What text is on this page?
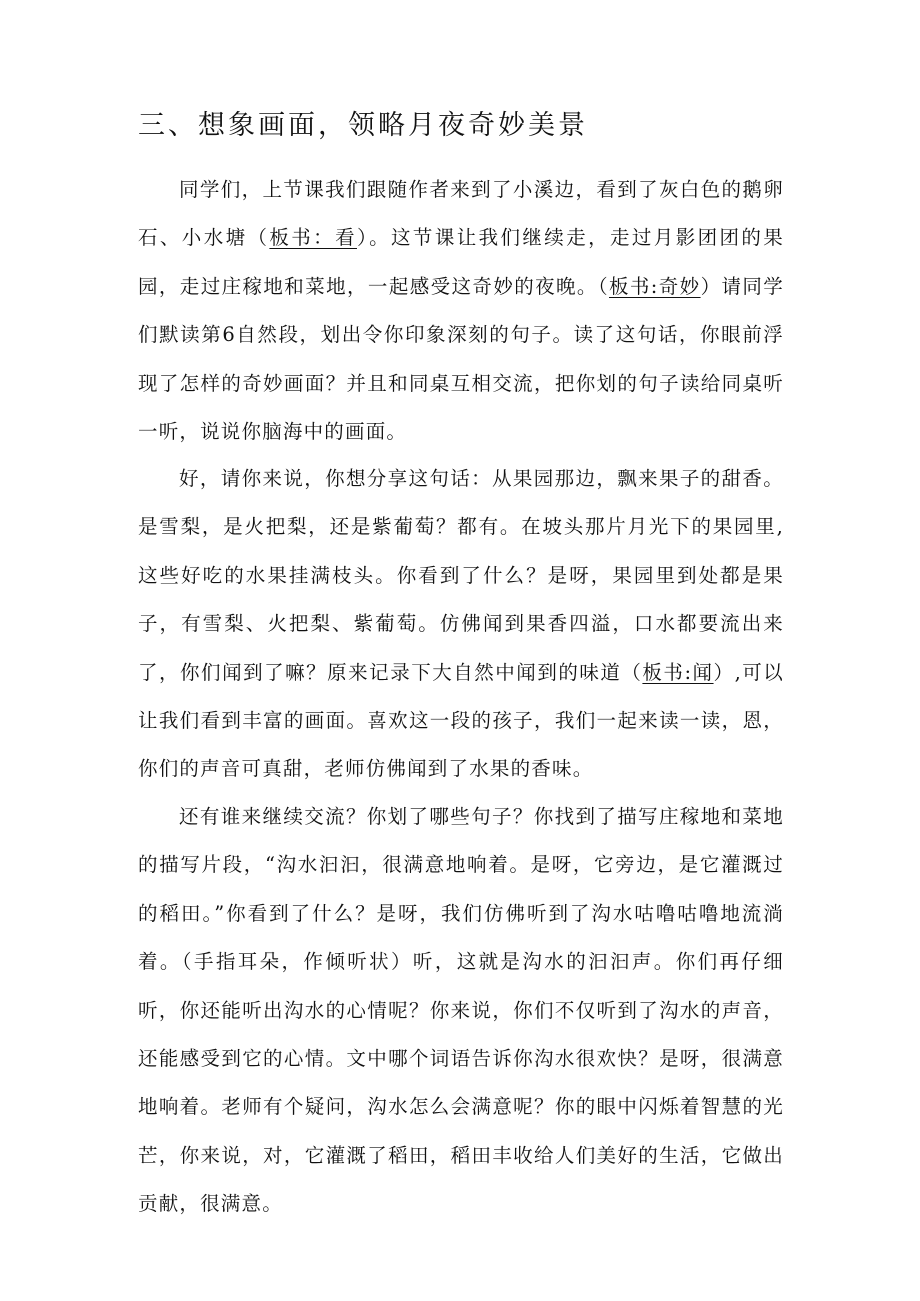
三、想象画面，领略月夜奇妙美景
同学们，上节课我们跟随作者来到了小溪边，看到了灰白色的鹅卵石、小水塘（板书：看）。这节课让我们继续走，走过月影团团的果园，走过庄稼地和菜地，一起感受这奇妙的夜晚。（板书:奇妙）请同学们默读第6自然段，划出令你印象深刻的句子。读了这句话，你眼前浮现了怎样的奇妙画面？并且和同桌互相交流，把你划的句子读给同桌听一听，说说你脑海中的画面。
好，请你来说，你想分享这句话：从果园那边，飘来果子的甜香。是雪梨，是火把梨，还是紫葡萄？都有。在坡头那片月光下的果园里,这些好吃的水果挂满枝头。你看到了什么？是呀，果园里到处都是果子，有雪梨、火把梨、紫葡萄。仿佛闻到果香四溢，口水都要流出来了，你们闻到了嘛？原来记录下大自然中闻到的味道（板书:闻）,可以让我们看到丰富的画面。喜欢这一段的孩子，我们一起来读一读，恩，你们的声音可真甜，老师仿佛闻到了水果的香味。
还有谁来继续交流？你划了哪些句子？你找到了描写庄稼地和菜地的描写片段，“沟水汩汩，很满意地响着。是呀，它旁边，是它灌溉过的稻田。”你看到了什么？是呀，我们仿佛听到了沟水咕噜咕噜地流淌着。（手指耳朵，作倾听状）听，这就是沟水的汩汩声。你们再仔细听，你还能听出沟水的心情呢？你来说，你们不仅听到了沟水的声音，还能感受到它的心情。文中哪个词语告诉你沟水很欢快？是呀，很满意地响着。老师有个疑问，沟水怎么会满意呢？你的眼中闪烁着智慧的光芒，你来说，对，它灌溉了稻田，稻田丰收给人们美好的生活，它做出贡献，很满意。
